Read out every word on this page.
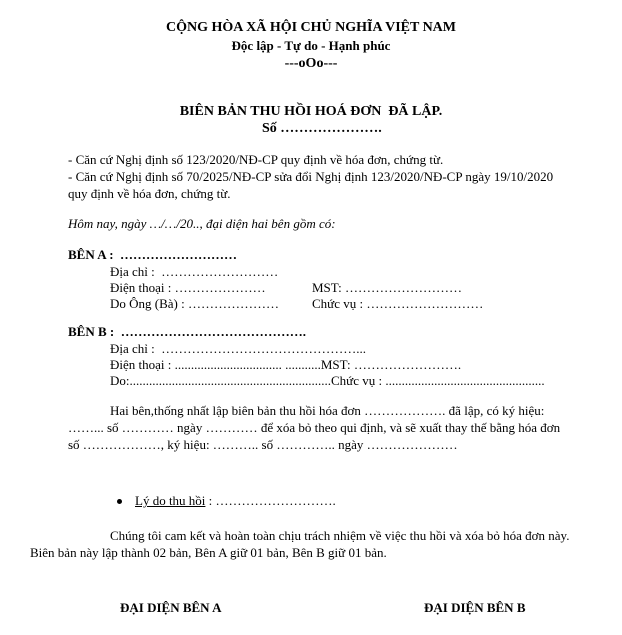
CỘNG HÒA XÃ HỘI CHỦ NGHĨA VIỆT NAM
Độc lập - Tự do - Hạnh phúc
---oOo---
BIÊN BẢN THU HỒI HOÁ ĐƠN  ĐÃ LẬP.
Số ………………….
- Căn cứ Nghị định số 123/2020/NĐ-CP quy định về hóa đơn, chứng từ.
- Căn cứ Nghị định số 70/2025/NĐ-CP sửa đổi Nghị định 123/2020/NĐ-CP ngày 19/10/2020
quy định về hóa đơn, chứng từ.
Hôm nay, ngày …/…/20.., đại diện hai bên gồm có:
BÊN A :  ………………………
Địa chỉ :  ………………………
Điện thoại : …………………	MST: ………………………
Do Ông (Bà) : …………………	Chức vụ : ………………………
BÊN B :  …………………………………….
Địa chỉ :  ………………………………………...
Điện thoại : ................................. ...........MST: …………………….
Do:..............................................................Chức vụ : .................................................
Hai bên,thống nhất lập biên bản thu hồi hóa đơn ………………. đã lập, có ký hiệu:
……... số ………… ngày ………… để xóa bỏ theo qui định, và sẽ xuất thay thế bằng hóa đơn
số ………………, ký hiệu: ……….. số ………….. ngày …………………
Lý do thu hồi : ……………………….
Chúng tôi cam kết và hoàn toàn chịu trách nhiệm về việc thu hồi và xóa bỏ hóa đơn này.
Biên bản này lập thành 02 bản, Bên A giữ 01 bản, Bên B giữ 01 bản.
ĐẠI DIỆN BÊN A	ĐẠI DIỆN BÊN B
